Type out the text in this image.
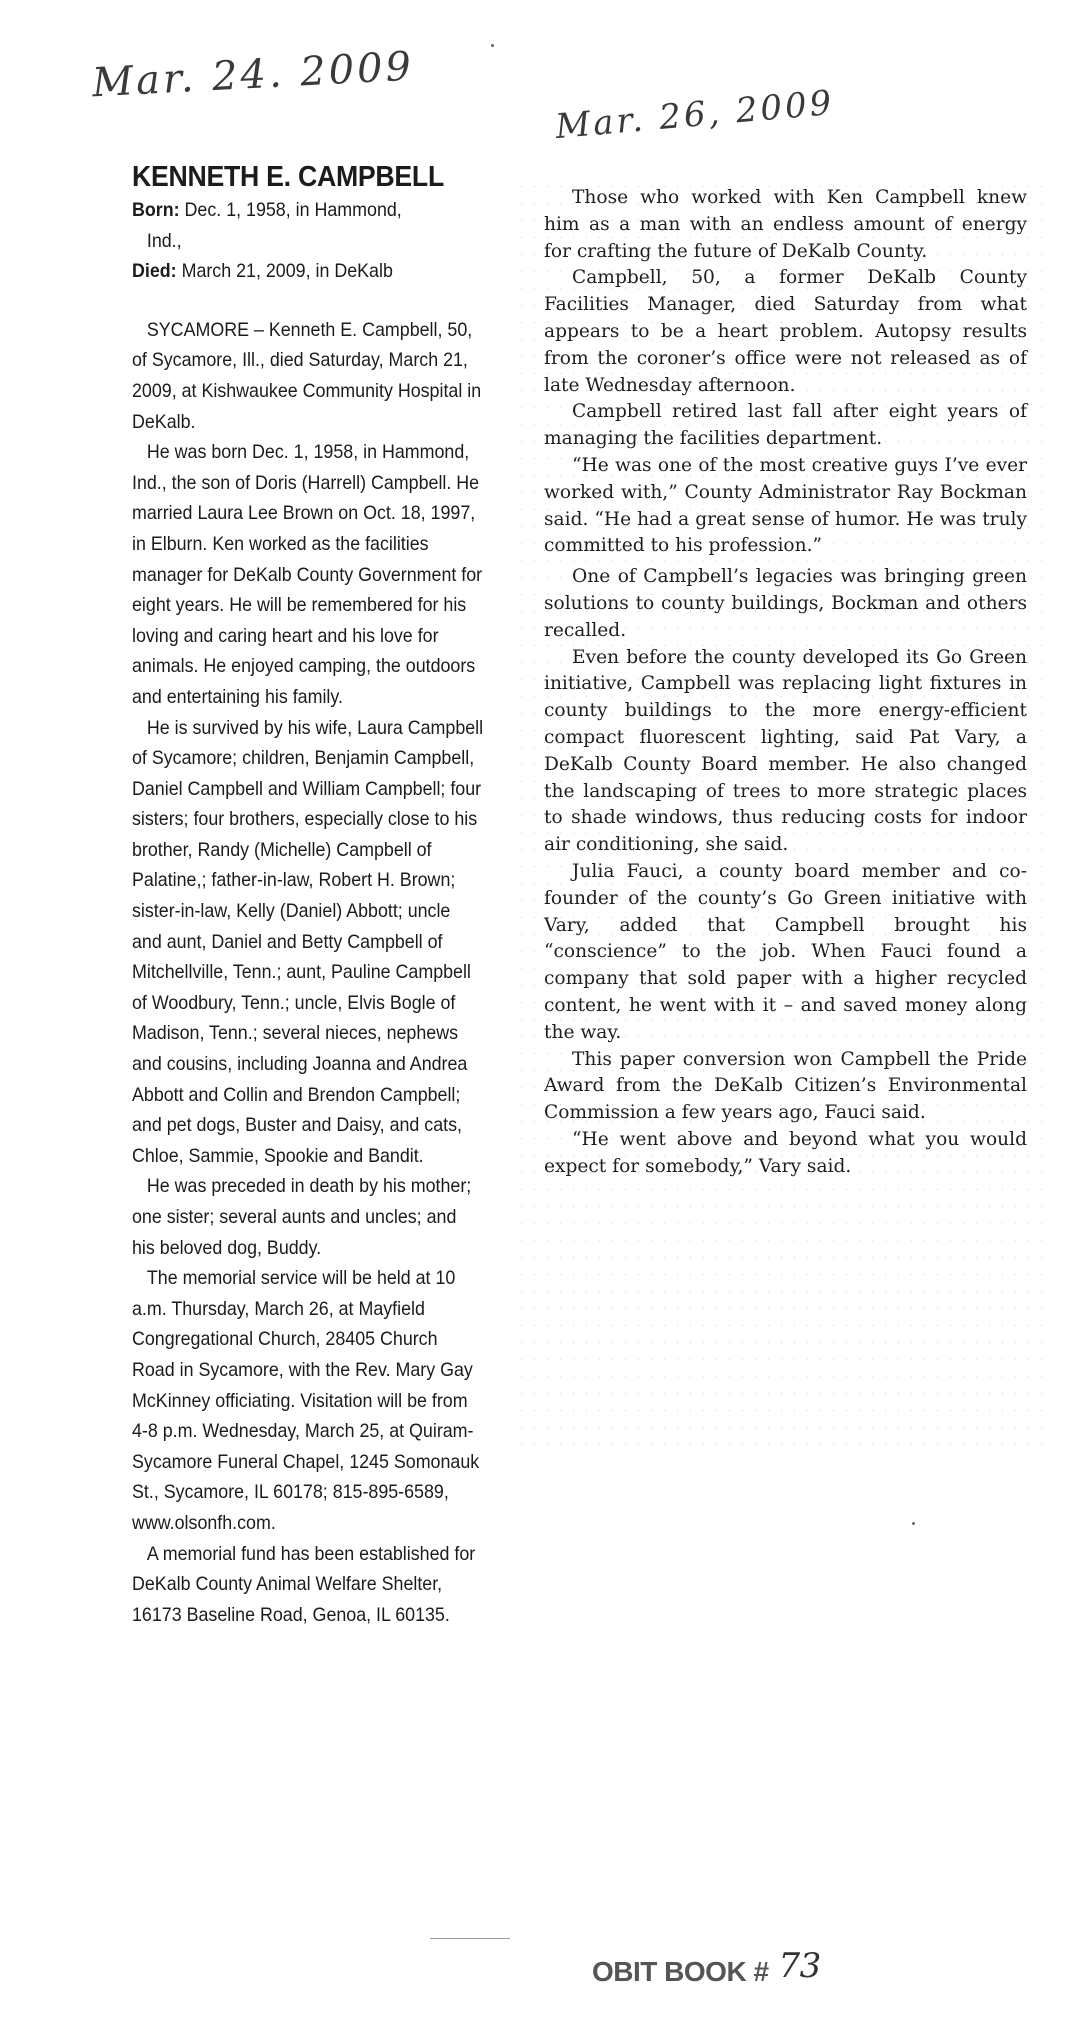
Mar. 24. 2009
Mar. 26, 2009
KENNETH E. CAMPBELL
Born: Dec. 1, 1958, in Hammond,
Ind.,
Died: March 21, 2009, in DeKalb

SYCAMORE – Kenneth E. Campbell, 50, of Sycamore, Ill., died Saturday, March 21, 2009, at Kishwaukee Community Hospital in DeKalb.

He was born Dec. 1, 1958, in Hammond, Ind., the son of Doris (Harrell) Campbell. He married Laura Lee Brown on Oct. 18, 1997, in Elburn. Ken worked as the facilities manager for DeKalb County Government for eight years. He will be remembered for his loving and caring heart and his love for animals. He enjoyed camping, the outdoors and entertaining his family.

He is survived by his wife, Laura Campbell of Sycamore; children, Benjamin Campbell, Daniel Campbell and William Campbell; four sisters; four brothers, especially close to his brother, Randy (Michelle) Campbell of Palatine,; father-in-law, Robert H. Brown; sister-in-law, Kelly (Daniel) Abbott; uncle and aunt, Daniel and Betty Campbell of Mitchellville, Tenn.; aunt, Pauline Campbell of Woodbury, Tenn.; uncle, Elvis Bogle of Madison, Tenn.; several nieces, nephews and cousins, including Joanna and Andrea Abbott and Collin and Brendon Campbell; and pet dogs, Buster and Daisy, and cats, Chloe, Sammie, Spookie and Bandit.

He was preceded in death by his mother; one sister; several aunts and uncles; and his beloved dog, Buddy.

The memorial service will be held at 10 a.m. Thursday, March 26, at Mayfield Congregational Church, 28405 Church Road in Sycamore, with the Rev. Mary Gay McKinney officiating. Visitation will be from 4-8 p.m. Wednesday, March 25, at Quiram-Sycamore Funeral Chapel, 1245 Somonauk St., Sycamore, IL 60178; 815-895-6589, www.olsonfh.com.

A memorial fund has been established for DeKalb County Animal Welfare Shelter, 16173 Baseline Road, Genoa, IL 60135.

Those who worked with Ken Campbell knew him as a man with an endless amount of energy for crafting the future of DeKalb County.

Campbell, 50, a former DeKalb County Facilities Manager, died Saturday from what appears to be a heart problem. Autopsy results from the coroner’s office were not released as of late Wednesday afternoon.

Campbell retired last fall after eight years of managing the facilities department.

“He was one of the most creative guys I’ve ever worked with,” County Administrator Ray Bockman said. “He had a great sense of humor. He was truly committed to his profession.”

One of Campbell’s legacies was bringing green solutions to county buildings, Bockman and others recalled.

Even before the county developed its Go Green initiative, Campbell was replacing light fixtures in county buildings to the more energy-efficient compact fluorescent lighting, said Pat Vary, a DeKalb County Board member. He also changed the landscaping of trees to more strategic places to shade windows, thus reducing costs for indoor air conditioning, she said.

Julia Fauci, a county board member and co-founder of the county’s Go Green initiative with Vary, added that Campbell brought his “conscience” to the job. When Fauci found a company that sold paper with a higher recycled content, he went with it – and saved money along the way.

This paper conversion won Campbell the Pride Award from the DeKalb Citizen’s Environmental Commission a few years ago, Fauci said.

“He went above and beyond what you would expect for somebody,” Vary said.

OBIT BOOK # 73
